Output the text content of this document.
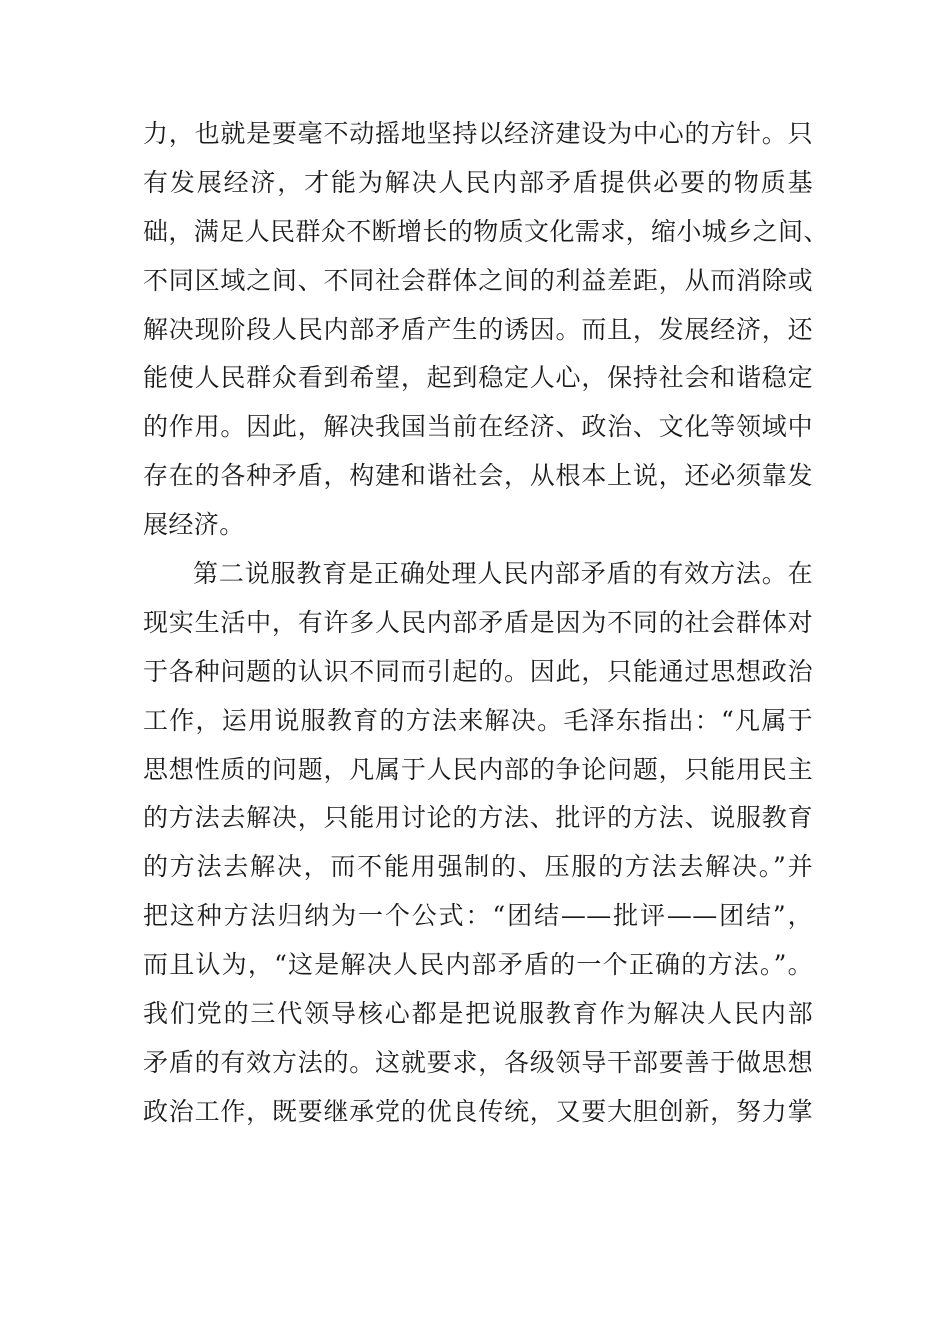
力，也就是要毫不动摇地坚持以经济建设为中心的方针。只
有发展经济，才能为解决人民内部矛盾提供必要的物质基
础，满足人民群众不断增长的物质文化需求，缩小城乡之间、
不同区域之间、不同社会群体之间的利益差距，从而消除或
解决现阶段人民内部矛盾产生的诱因。而且，发展经济，还
能使人民群众看到希望，起到稳定人心，保持社会和谐稳定
的作用。因此，解决我国当前在经济、政治、文化等领域中
存在的各种矛盾，构建和谐社会，从根本上说，还必须靠发
展经济。
第二说服教育是正确处理人民内部矛盾的有效方法。在
现实生活中，有许多人民内部矛盾是因为不同的社会群体对
于各种问题的认识不同而引起的。因此，只能通过思想政治
工作，运用说服教育的方法来解决。毛泽东指出：“凡属于
思想性质的问题，凡属于人民内部的争论问题，只能用民主
的方法去解决，只能用讨论的方法、批评的方法、说服教育
的方法去解决，而不能用强制的、压服的方法去解决。”并
把这种方法归纳为一个公式：“团结——批评——团结”，
而且认为，“这是解决人民内部矛盾的一个正确的方法。”。
我们党的三代领导核心都是把说服教育作为解决人民内部
矛盾的有效方法的。这就要求，各级领导干部要善于做思想
政治工作，既要继承党的优良传统，又要大胆创新，努力掌
